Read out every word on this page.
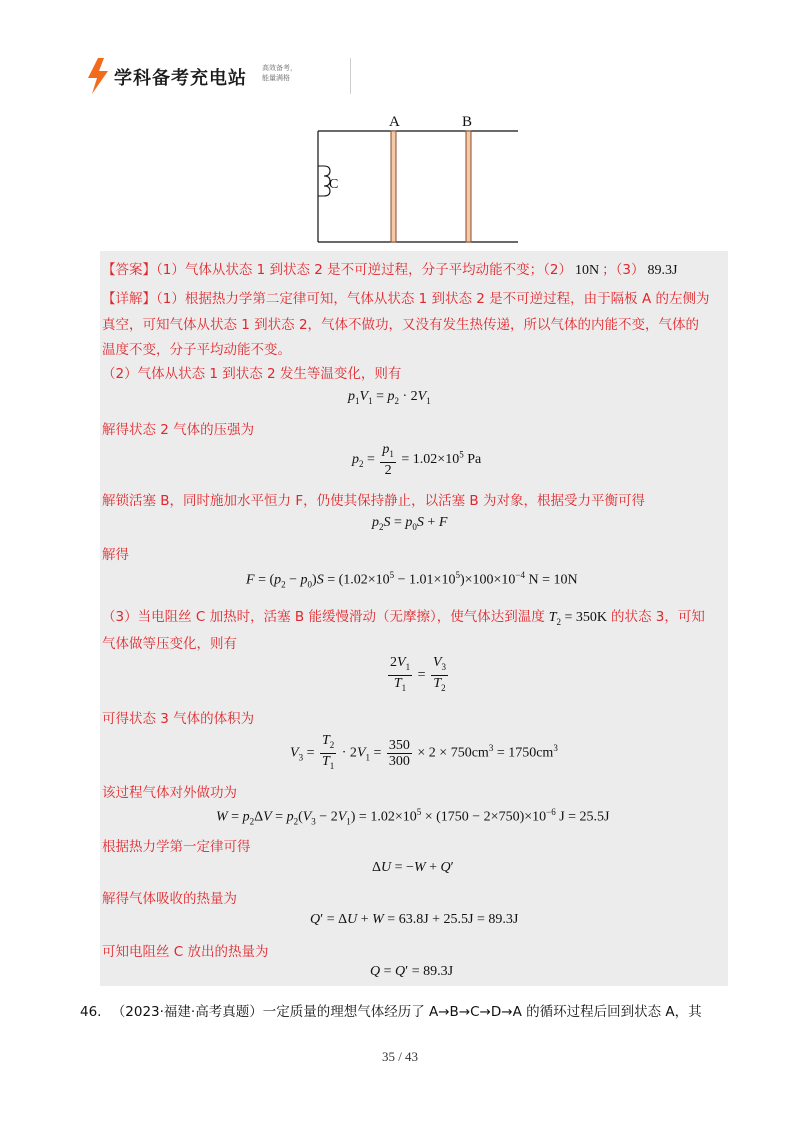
学科备考充电站 高效备考，
能量满格
A	B
C
【答案】（1）气体从状态 1 到状态 2 是不可逆过程，分子平均动能不变；（2） 10N ；（3） 89.3J
【详解】（1）根据热力学第二定律可知，气体从状态 1 到状态 2 是不可逆过程，由于隔板 A 的左侧为
真空，可知气体从状态 1 到状态 2，气体不做功，又没有发生热传递，所以气体的内能不变，气体的
温度不变，分子平均动能不变。
（2）气体从状态 1 到状态 2 发生等温变化，则有
$p_1V_1 = p_2 \cdot 2V_1$
解得状态 2 气体的压强为
$p_2 = \frac{p_1}{2} = 1.02\times 10^5$ Pa
解锁活塞 B，同时施加水平恒力 F，仍使其保持静止，以活塞 B 为对象，根据受力平衡可得
$p_2S = p_0S + F$
解得
$F = (p_2 - p_0)S = (1.02\times 10^5 - 1.01\times 10^5)\times 100\times 10^{-4}$ N = 10N
（3）当电阻丝 C 加热时，活塞 B 能缓慢滑动（无摩擦），使气体达到温度 $T_2 = 350K$ 的状态 3，可知
气体做等压变化，则有
$\frac{2V_1}{T_1} = \frac{V_3}{T_2}$
可得状态 3 气体的体积为
$V_3 = \frac{T_2}{T_1} \cdot 2V_1 = \frac{350}{300} \times 2 \times 750cm^3 = 1750cm^3$
该过程气体对外做功为
$W = p_2\Delta V = p_2(V_3 - 2V_1) = 1.02\times 10^5 \times (1750 - 2\times 750)\times 10^{-6}$ J = 25.5J
根据热力学第一定律可得
ΔU = −W + Q′
解得气体吸收的热量为
Q′ = ΔU + W = 63.8J + 25.5J = 89.3J
可知电阻丝 C 放出的热量为
Q = Q′ = 89.3J
46. （2023·福建·高考真题）一定质量的理想气体经历了 A→B→C→D→A 的循环过程后回到状态 A，其
35 / 43
